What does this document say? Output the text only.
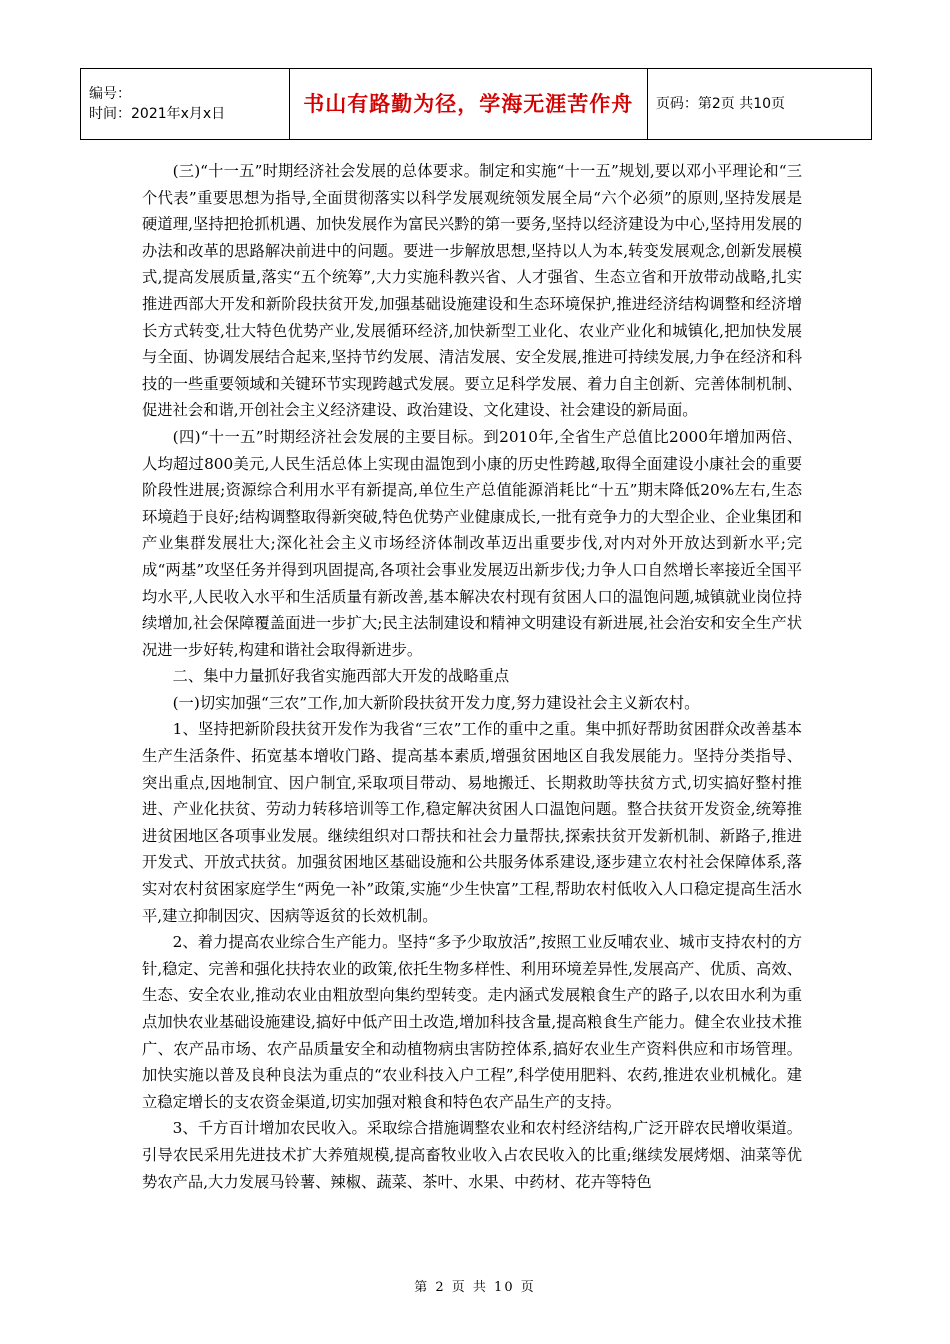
编号：
时间：2021年x月x日	书山有路勤为径，学海无涯苦作舟	页码：第2页 共10页

(三)“十一五”时期经济社会发展的总体要求。制定和实施“十一五”规划,要以邓小平理论和“三个代表”重要思想为指导,全面贯彻落实以科学发展观统领发展全局“六个必须”的原则,坚持发展是硬道理,坚持把抢抓机遇、加快发展作为富民兴黔的第一要务,坚持以经济建设为中心,坚持用发展的办法和改革的思路解决前进中的问题。要进一步解放思想,坚持以人为本,转变发展观念,创新发展模式,提高发展质量,落实“五个统筹”,大力实施科教兴省、人才强省、生态立省和开放带动战略,扎实推进西部大开发和新阶段扶贫开发,加强基础设施建设和生态环境保护,推进经济结构调整和经济增长方式转变,壮大特色优势产业,发展循环经济,加快新型工业化、农业产业化和城镇化,把加快发展与全面、协调发展结合起来,坚持节约发展、清洁发展、安全发展,推进可持续发展,力争在经济和科技的一些重要领域和关键环节实现跨越式发展。要立足科学发展、着力自主创新、完善体制机制、促进社会和谐,开创社会主义经济建设、政治建设、文化建设、社会建设的新局面。

(四)“十一五”时期经济社会发展的主要目标。到2010年,全省生产总值比2000年增加两倍、人均超过800美元,人民生活总体上实现由温饱到小康的历史性跨越,取得全面建设小康社会的重要阶段性进展;资源综合利用水平有新提高,单位生产总值能源消耗比“十五”期末降低20%左右,生态环境趋于良好;结构调整取得新突破,特色优势产业健康成长,一批有竞争力的大型企业、企业集团和产业集群发展壮大;深化社会主义市场经济体制改革迈出重要步伐,对内对外开放达到新水平;完成“两基”攻坚任务并得到巩固提高,各项社会事业发展迈出新步伐;力争人口自然增长率接近全国平均水平,人民收入水平和生活质量有新改善,基本解决农村现有贫困人口的温饱问题,城镇就业岗位持续增加,社会保障覆盖面进一步扩大;民主法制建设和精神文明建设有新进展,社会治安和安全生产状况进一步好转,构建和谐社会取得新进步。

二、集中力量抓好我省实施西部大开发的战略重点

(一)切实加强“三农”工作,加大新阶段扶贫开发力度,努力建设社会主义新农村。

1、坚持把新阶段扶贫开发作为我省“三农”工作的重中之重。集中抓好帮助贫困群众改善基本生产生活条件、拓宽基本增收门路、提高基本素质,增强贫困地区自我发展能力。坚持分类指导、突出重点,因地制宜、因户制宜,采取项目带动、易地搬迁、长期救助等扶贫方式,切实搞好整村推进、产业化扶贫、劳动力转移培训等工作,稳定解决贫困人口温饱问题。整合扶贫开发资金,统筹推进贫困地区各项事业发展。继续组织对口帮扶和社会力量帮扶,探索扶贫开发新机制、新路子,推进开发式、开放式扶贫。加强贫困地区基础设施和公共服务体系建设,逐步建立农村社会保障体系,落实对农村贫困家庭学生“两免一补”政策,实施“少生快富”工程,帮助农村低收入人口稳定提高生活水平,建立抑制因灾、因病等返贫的长效机制。

2、着力提高农业综合生产能力。坚持“多予少取放活”,按照工业反哺农业、城市支持农村的方针,稳定、完善和强化扶持农业的政策,依托生物多样性、利用环境差异性,发展高产、优质、高效、生态、安全农业,推动农业由粗放型向集约型转变。走内涵式发展粮食生产的路子,以农田水利为重点加快农业基础设施建设,搞好中低产田土改造,增加科技含量,提高粮食生产能力。健全农业技术推广、农产品市场、农产品质量安全和动植物病虫害防控体系,搞好农业生产资料供应和市场管理。加快实施以普及良种良法为重点的“农业科技入户工程”,科学使用肥料、农药,推进农业机械化。建立稳定增长的支农资金渠道,切实加强对粮食和特色农产品生产的支持。

3、千方百计增加农民收入。采取综合措施调整农业和农村经济结构,广泛开辟农民增收渠道。引导农民采用先进技术扩大养殖规模,提高畜牧业收入占农民收入的比重;继续发展烤烟、油菜等优势农产品,大力发展马铃薯、辣椒、蔬菜、茶叶、水果、中药材、花卉等特色

第 2 页 共 10 页
